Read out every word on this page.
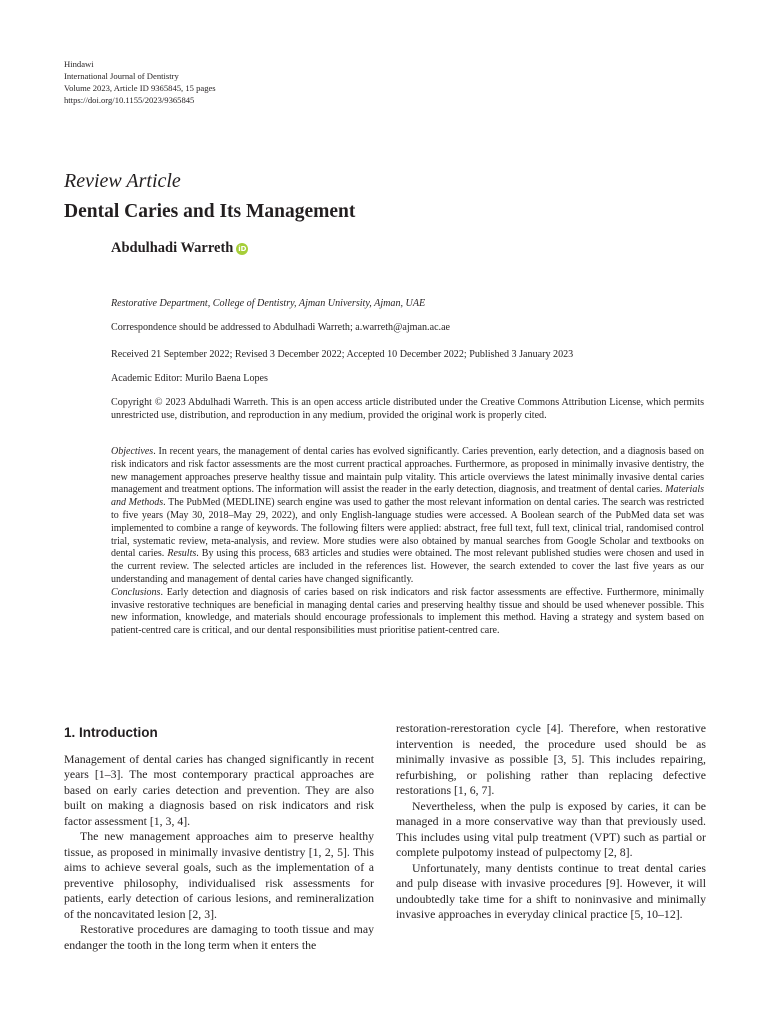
Hindawi
International Journal of Dentistry
Volume 2023, Article ID 9365845, 15 pages
https://doi.org/10.1155/2023/9365845
Review Article
Dental Caries and Its Management
Abdulhadi Warreth iD
Restorative Department, College of Dentistry, Ajman University, Ajman, UAE
Correspondence should be addressed to Abdulhadi Warreth; a.warreth@ajman.ac.ae
Received 21 September 2022; Revised 3 December 2022; Accepted 10 December 2022; Published 3 January 2023
Academic Editor: Murilo Baena Lopes
Copyright © 2023 Abdulhadi Warreth. This is an open access article distributed under the Creative Commons Attribution License, which permits unrestricted use, distribution, and reproduction in any medium, provided the original work is properly cited.

Objectives. In recent years, the management of dental caries has evolved significantly. Caries prevention, early detection, and a diagnosis based on risk indicators and risk factor assessments are the most current practical approaches. Furthermore, as proposed in minimally invasive dentistry, the new management approaches preserve healthy tissue and maintain pulp vitality. This article overviews the latest minimally invasive dental caries management and treatment options. The information will assist the reader in the early detection, diagnosis, and treatment of dental caries. Materials and Methods. The PubMed (MEDLINE) search engine was used to gather the most relevant information on dental caries. The search was restricted to five years (May 30, 2018–May 29, 2022), and only English-language studies were accessed. A Boolean search of the PubMed data set was implemented to combine a range of keywords. The following filters were applied: abstract, free full text, full text, clinical trial, randomised control trial, systematic review, meta-analysis, and review. More studies were also obtained by manual searches from Google Scholar and textbooks on dental caries. Results. By using this process, 683 articles and studies were obtained. The most relevant published studies were chosen and used in the current review. The selected articles are included in the references list. However, the search extended to cover the last five years as our understanding and management of dental caries have changed significantly.

Conclusions. Early detection and diagnosis of caries based on risk indicators and risk factor assessments are effective. Furthermore, minimally invasive restorative techniques are beneficial in managing dental caries and preserving healthy tissue and should be used whenever possible. This new information, knowledge, and materials should encourage professionals to implement this method. Having a strategy and system based on patient-centred care is critical, and our dental responsibilities must prioritise patient-centred care.

1. Introduction

Management of dental caries has changed significantly in recent years [1–3]. The most contemporary practical approaches are based on early caries detection and prevention. They are also built on making a diagnosis based on risk indicators and risk factor assessment [1, 3, 4].

The new management approaches aim to preserve healthy tissue, as proposed in minimally invasive dentistry [1, 2, 5]. This aims to achieve several goals, such as the implementation of a preventive philosophy, individualised risk assessments for patients, early detection of carious lesions, and remineralization of the noncavitated lesion [2, 3].

Restorative procedures are damaging to tooth tissue and may endanger the tooth in the long term when it enters the

restoration-rerestoration cycle [4]. Therefore, when restorative intervention is needed, the procedure used should be as minimally invasive as possible [3, 5]. This includes repairing, refurbishing, or polishing rather than replacing defective restorations [1, 6, 7].

Nevertheless, when the pulp is exposed by caries, it can be managed in a more conservative way than that previously used. This includes using vital pulp treatment (VPT) such as partial or complete pulpotomy instead of pulpectomy [2, 8].

Unfortunately, many dentists continue to treat dental caries and pulp disease with invasive procedures [9]. However, it will undoubtedly take time for a shift to noninvasive and minimally invasive approaches in everyday clinical practice [5, 10–12].
